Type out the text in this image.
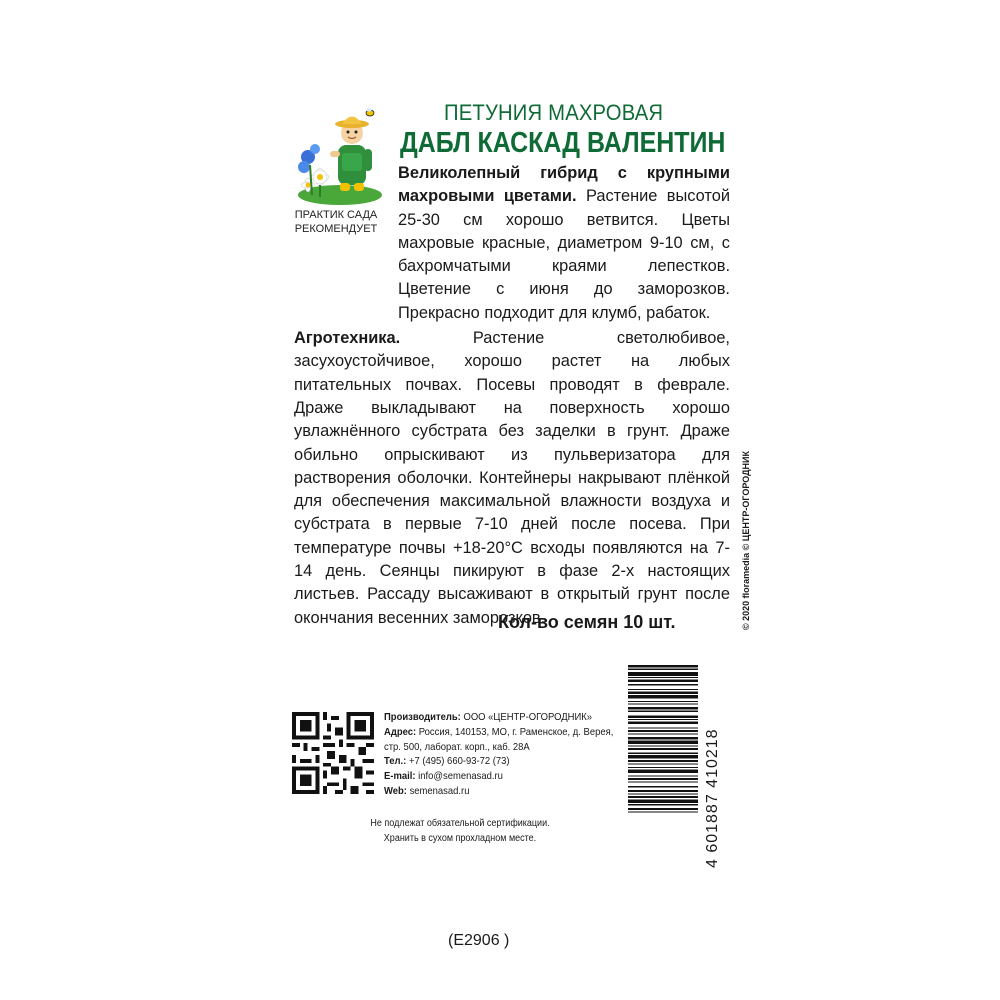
ПРАКТИК САДА
РЕКОМЕНДУЕТ
ПЕТУНИЯ МАХРОВАЯ
ДАБЛ КАСКАД ВАЛЕНТИН

Великолепный гибрид с крупными махровыми цветами. Растение высотой 25-30 см хорошо ветвится. Цветы махровые красные, диаметром 9-10 см, с бахромчатыми краями лепестков. Цветение с июня до заморозков. Прекрасно подходит для клумб, рабаток.

Агротехника.	Растение светолюбивое, засухоустойчивое, хорошо растет на любых питательных почвах. Посевы проводят в феврале. Драже выкладывают на поверхность хорошо увлажнённого субстрата без заделки в грунт. Драже обильно опрыскивают из пульверизатора для растворения оболочки. Контейнеры накрывают плёнкой для обеспечения максимальной влажности воздуха и субстрата в первые 7-10 дней после посева. При температуре почвы +18-20°С всходы появляются на 7-14 день. Сеянцы пикируют в фазе 2-х настоящих листьев. Рассаду высаживают в открытый грунт после окончания весенних заморозков.

Кол-во семян 10 шт.	© 2020 floramedia © ЦЕНТР-ОГОРОДНИК
Производитель: ООО «ЦЕНТР-ОГОРОДНИК»
Адрес: Россия, 140153, МО, г. Раменское, д. Верея,
стр. 500, лаборат. корп., каб. 28А
Тел.: +7 (495) 660-93-72 (73)
E-mail: info@semenasad.ru
Web: semenasad.ru
Не подлежат обязательной сертификации.
Хранить в сухом прохладном месте.	4 601887 410218
(E2906 )
